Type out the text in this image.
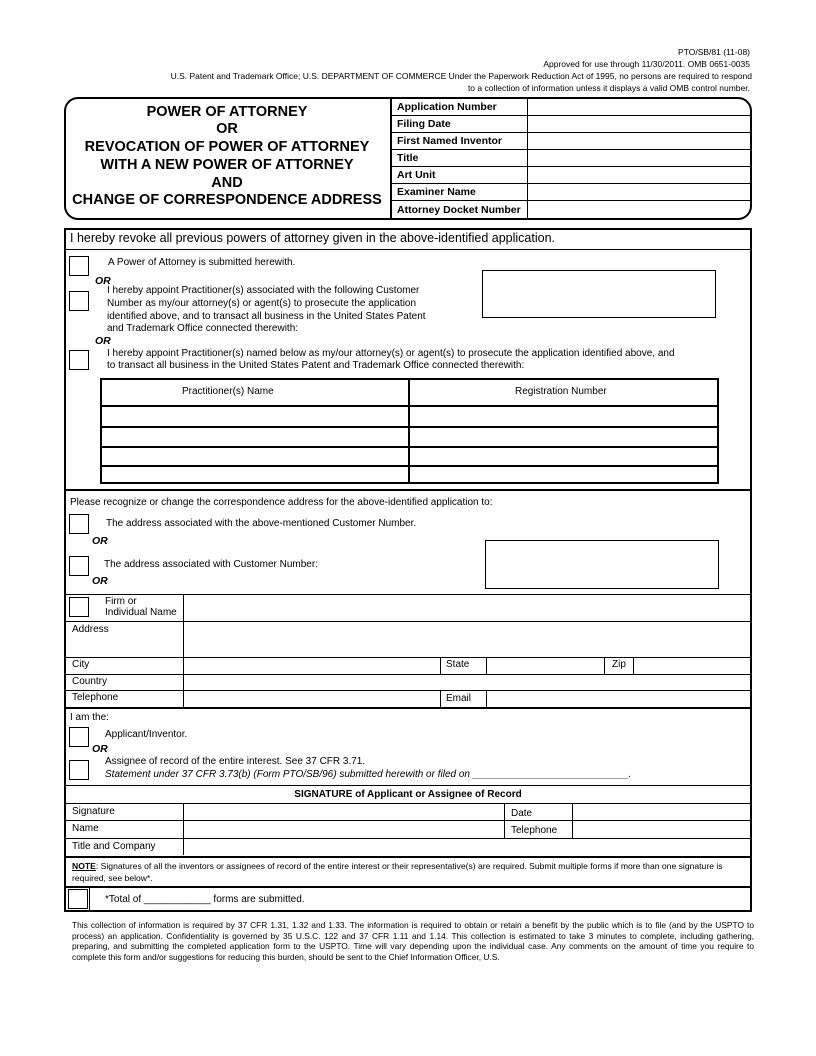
PTO/SB/81 (11-08)
Approved for use through 11/30/2011. OMB 0651-0035
U.S. Patent and Trademark Office; U.S. DEPARTMENT OF COMMERCE Under the Paperwork Reduction Act of 1995, no persons are required to respond
to a collection of information unless it displays a valid OMB control number.
POWER OF ATTORNEY
OR
REVOCATION OF POWER OF ATTORNEY
WITH A NEW POWER OF ATTORNEY
AND
CHANGE OF CORRESPONDENCE ADDRESS
Application Number
Filing Date
First Named Inventor
Title
Art Unit
Examiner Name
Attorney Docket Number
I hereby revoke all previous powers of attorney given in the above-identified application.
A Power of Attorney is submitted herewith.
OR
I hereby appoint Practitioner(s) associated with the following Customer
Number as my/our attorney(s) or agent(s) to prosecute the application
identified above, and to transact all business in the United States Patent
and Trademark Office connected therewith:
OR
I hereby appoint Practitioner(s) named below as my/our attorney(s) or agent(s) to prosecute the application identified above, and
to transact all business in the United States Patent and Trademark Office connected therewith:
Practitioner(s) Name	Registration Number
Please recognize or change the correspondence address for the above-identified application to:
The address associated with the above-mentioned Customer Number.
OR
The address associated with Customer Number:
OR
Firm or
Individual Name
Address
City	State	Zip
Country
Telephone	Email
I am the:
Applicant/Inventor.
OR
Assignee of record of the entire interest. See 37 CFR 3.71.
Statement under 37 CFR 3.73(b) (Form PTO/SB/96) submitted herewith or filed on ____________________________.
SIGNATURE of Applicant or Assignee of Record
Signature	Date
Name	Telephone
Title and Company
NOTE: Signatures of all the inventors or assignees of record of the entire interest or their representative(s) are required. Submit multiple forms if more than one signature is required, see below*.
*Total of ____________ forms are submitted.
This collection of information is required by 37 CFR 1.31, 1.32 and 1.33. The information is required to obtain or retain a benefit by the public which is to file (and by the USPTO to process) an application. Confidentiality is governed by 35 U.S.C. 122 and 37 CFR 1.11 and 1.14. This collection is estimated to take 3 minutes to complete, including gathering, preparing, and submitting the completed application form to the USPTO. Time will vary depending upon the individual case. Any comments on the amount of time you require to complete this form and/or suggestions for reducing this burden, should be sent to the Chief Information Officer, U.S.
